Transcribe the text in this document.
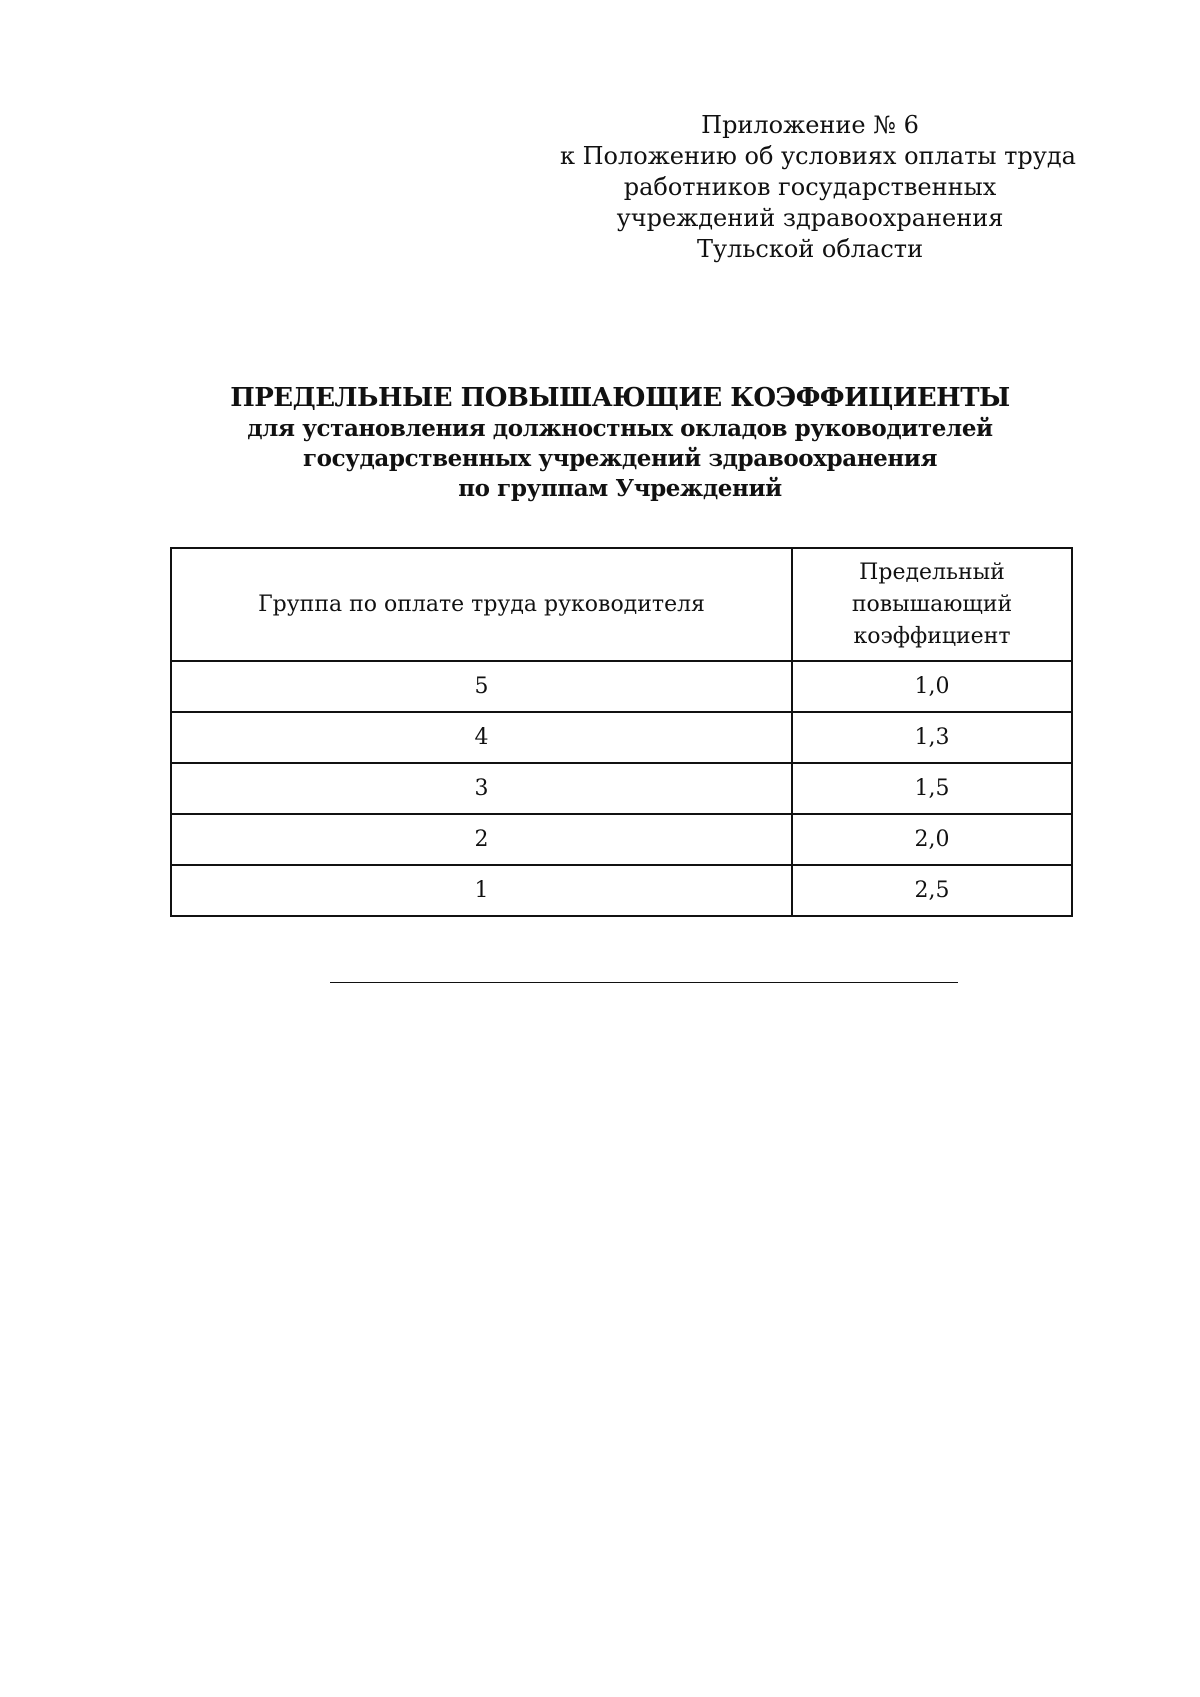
Приложение № 6
к Положению об условиях оплаты труда
работников государственных
учреждений здравоохранения
Тульской области
ПРЕДЕЛЬНЫЕ ПОВЫШАЮЩИЕ КОЭФФИЦИЕНТЫ
для установления должностных окладов руководителей
государственных учреждений здравоохранения
по группам Учреждений
Группа по оплате труда руководителя	Предельный
повышающий
коэффициент

5	1,0
4	1,3
3	1,5
2	2,0
1	2,5
